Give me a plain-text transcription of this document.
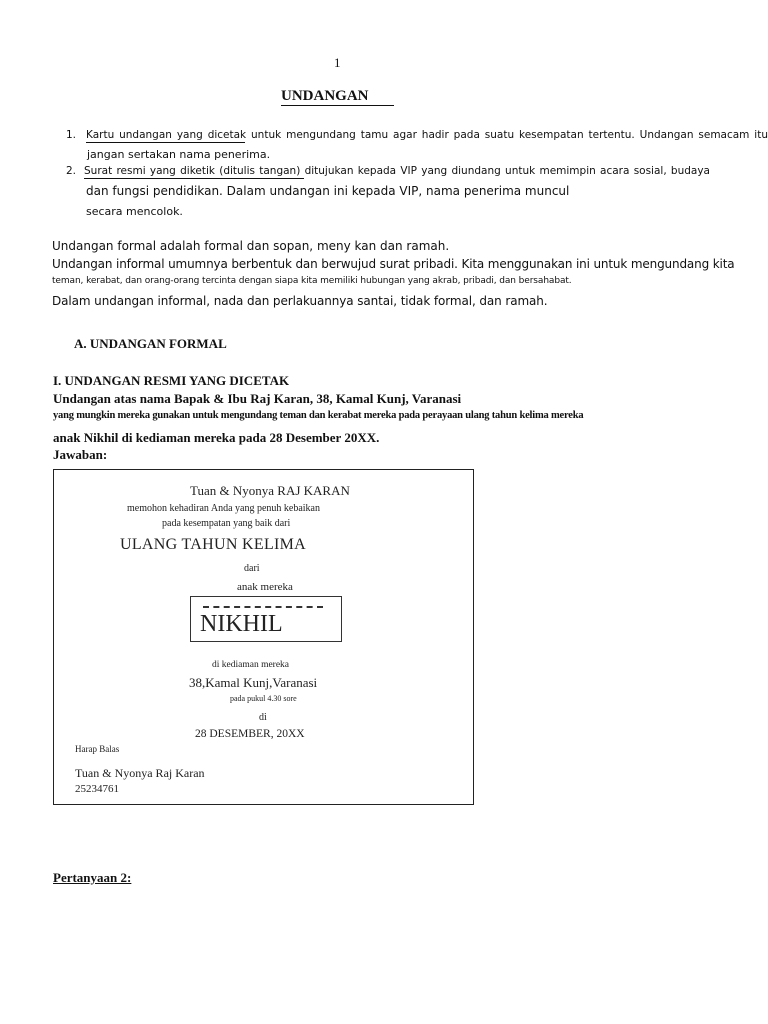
1
UNDANGAN
1. Kartu undangan yang dicetak untuk mengundang tamu agar hadir pada suatu kesempatan tertentu. Undangan semacam itu
jangan sertakan nama penerima.
2. Surat resmi yang diketik (ditulis tangan) ditujukan kepada VIP yang diundang untuk memimpin acara sosial, budaya
dan fungsi pendidikan. Dalam undangan ini kepada VIP, nama penerima muncul
secara mencolok.
Undangan formal adalah formal dan sopan, meny kan dan ramah.
Undangan informal umumnya berbentuk dan berwujud surat pribadi. Kita menggunakan ini untuk mengundang kita
teman, kerabat, dan orang-orang tercinta dengan siapa kita memiliki hubungan yang akrab, pribadi, dan bersahabat.
Dalam undangan informal, nada dan perlakuannya santai, tidak formal, dan ramah.
A. UNDANGAN FORMAL
I. UNDANGAN RESMI YANG DICETAK
Undangan atas nama Bapak & Ibu Raj Karan, 38, Kamal Kunj, Varanasi
yang mungkin mereka gunakan untuk mengundang teman dan kerabat mereka pada perayaan ulang tahun kelima mereka
anak Nikhil di kediaman mereka pada 28 Desember 20XX.
Jawaban:
Tuan & Nyonya RAJ KARAN
memohon kehadiran Anda yang penuh kebaikan
pada kesempatan yang baik dari
ULANG TAHUN KELIMA
dari
anak mereka
NIKHIL
di kediaman mereka
38,Kamal Kunj,Varanasi
pada pukul 4.30 sore
di
28 DESEMBER, 20XX
Harap Balas
Tuan & Nyonya Raj Karan
25234761
Pertanyaan 2:
